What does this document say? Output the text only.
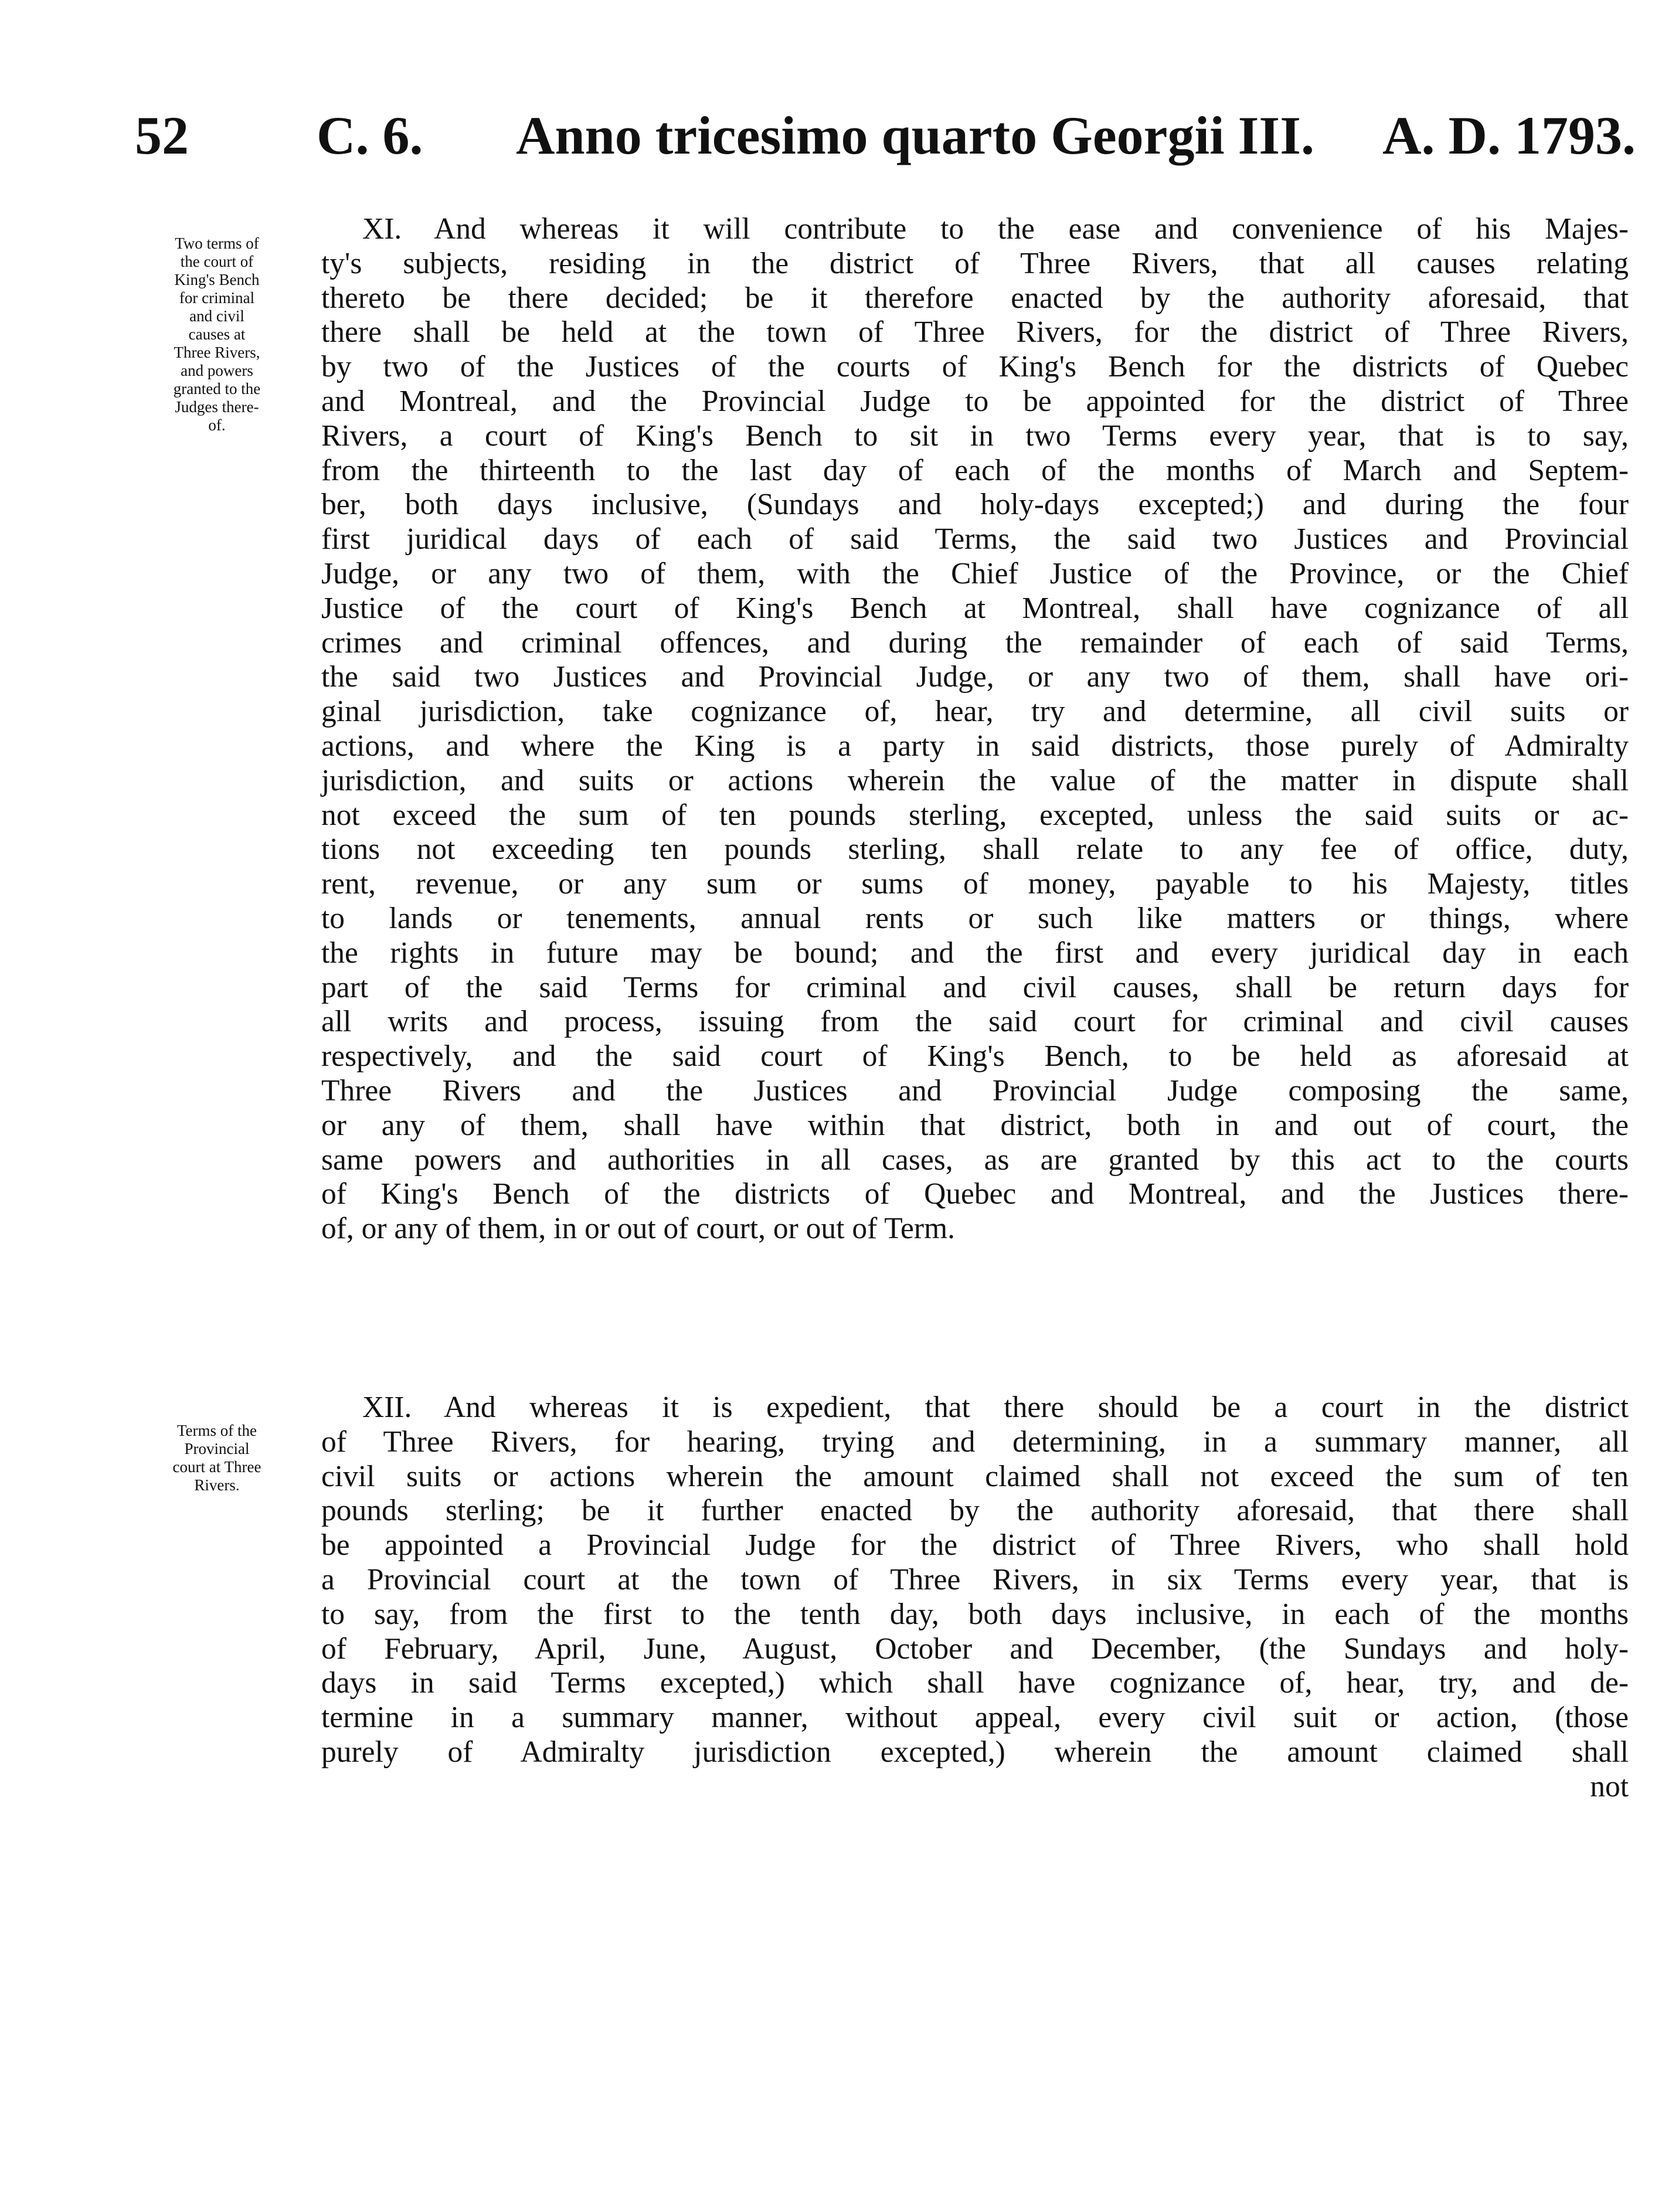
52 C. 6. Anno tricesimo quarto Georgii III. A. D. 1793.
Two terms of
the court of
King's Bench
for criminal
and civil
causes at
Three Rivers,
and powers
granted to the
Judges there-
of.
Terms of the
Provincial
court at Three
Rivers.
XI. And whereas it will contribute to the ease and convenience of his Majes-
ty's subjects, residing in the district of Three Rivers, that all causes relating
thereto be there decided; be it therefore enacted by the authority aforesaid, that
there shall be held at the town of Three Rivers, for the district of Three Rivers,
by two of the Justices of the courts of King's Bench for the districts of Quebec
and Montreal, and the Provincial Judge to be appointed for the district of Three
Rivers, a court of King's Bench to sit in two Terms every year, that is to say,
from the thirteenth to the last day of each of the months of March and Septem-
ber, both days inclusive, (Sundays and holy-days excepted;) and during the four
first juridical days of each of said Terms, the said two Justices and Provincial
Judge, or any two of them, with the Chief Justice of the Province, or the Chief
Justice of the court of King's Bench at Montreal, shall have cognizance of all
crimes and criminal offences, and during the remainder of each of said Terms,
the said two Justices and Provincial Judge, or any two of them, shall have ori-
ginal jurisdiction, take cognizance of, hear, try and determine, all civil suits or
actions, and where the King is a party in said districts, those purely of Admiralty
jurisdiction, and suits or actions wherein the value of the matter in dispute shall
not exceed the sum of ten pounds sterling, excepted, unless the said suits or ac-
tions not exceeding ten pounds sterling, shall relate to any fee of office, duty,
rent, revenue, or any sum or sums of money, payable to his Majesty, titles
to lands or tenements, annual rents or such like matters or things, where
the rights in future may be bound; and the first and every juridical day in each
part of the said Terms for criminal and civil causes, shall be return days for
all writs and process, issuing from the said court for criminal and civil causes
respectively, and the said court of King's Bench, to be held as aforesaid at
Three Rivers and the Justices and Provincial Judge composing the same,
or any of them, shall have within that district, both in and out of court, the
same powers and authorities in all cases, as are granted by this act to the courts
of King's Bench of the districts of Quebec and Montreal, and the Justices there-
of, or any of them, in or out of court, or out of Term.
XII. And whereas it is expedient, that there should be a court in the district
of Three Rivers, for hearing, trying and determining, in a summary manner, all
civil suits or actions wherein the amount claimed shall not exceed the sum of ten
pounds sterling; be it further enacted by the authority aforesaid, that there shall
be appointed a Provincial Judge for the district of Three Rivers, who shall hold
a Provincial court at the town of Three Rivers, in six Terms every year, that is
to say, from the first to the tenth day, both days inclusive, in each of the months
of February, April, June, August, October and December, (the Sundays and holy-
days in said Terms excepted,) which shall have cognizance of, hear, try, and de-
termine in a summary manner, without appeal, every civil suit or action, (those
purely of Admiralty jurisdiction excepted,) wherein the amount claimed shall
not
